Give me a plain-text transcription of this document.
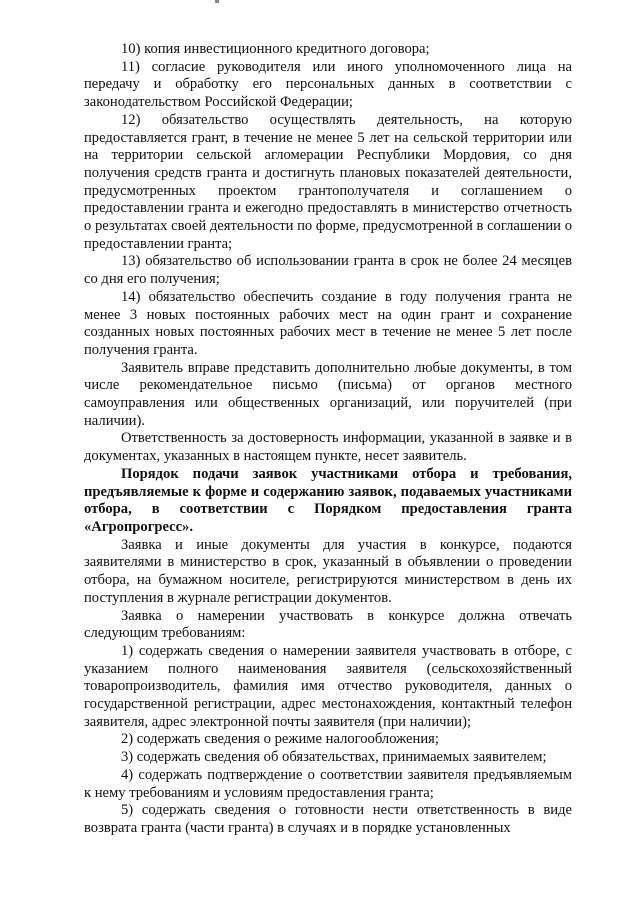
10) копия инвестиционного кредитного договора;

11) согласие руководителя или иного уполномоченного лица на передачу и обработку его персональных данных в соответствии с законодательством Российской Федерации;

12) обязательство осуществлять деятельность, на которую предоставляется грант, в течение не менее 5 лет на сельской территории или на территории сельской агломерации Республики Мордовия, со дня получения средств гранта и достигнуть плановых показателей деятельности, предусмотренных проектом грантополучателя и соглашением о предоставлении гранта и ежегодно предоставлять в министерство отчетность о результатах своей деятельности по форме, предусмотренной в соглашении о предоставлении гранта;

13) обязательство об использовании гранта в срок не более 24 месяцев со дня его получения;

14) обязательство обеспечить создание в году получения гранта не менее 3 новых постоянных рабочих мест на один грант и сохранение созданных новых постоянных рабочих мест в течение не менее 5 лет после получения гранта.

Заявитель вправе представить дополнительно любые документы, в том числе рекомендательное письмо (письма) от органов местного самоуправления или общественных организаций, или поручителей (при наличии).

Ответственность за достоверность информации, указанной в заявке и в документах, указанных в настоящем пункте, несет заявитель.

Порядок подачи заявок участниками отбора и требования, предъявляемые к форме и содержанию заявок, подаваемых участниками отбора, в соответствии с Порядком предоставления гранта «Агропрогресс».

Заявка и иные документы для участия в конкурсе, подаются заявителями в министерство в срок, указанный в объявлении о проведении отбора, на бумажном носителе, регистрируются министерством в день их поступления в журнале регистрации документов.

Заявка о намерении участвовать в конкурсе должна отвечать следующим требованиям:

1) содержать сведения о намерении заявителя участвовать в отборе, с указанием полного наименования заявителя (сельскохозяйственный товаропроизводитель, фамилия имя отчество руководителя, данных о государственной регистрации, адрес местонахождения, контактный телефон заявителя, адрес электронной почты заявителя (при наличии);

2) содержать сведения о режиме налогообложения;

3) содержать сведения об обязательствах, принимаемых заявителем;

4) содержать подтверждение о соответствии заявителя предъявляемым к нему требованиям и условиям предоставления гранта;

5) содержать сведения о готовности нести ответственность в виде возврата гранта (части гранта) в случаях и в порядке установленных
